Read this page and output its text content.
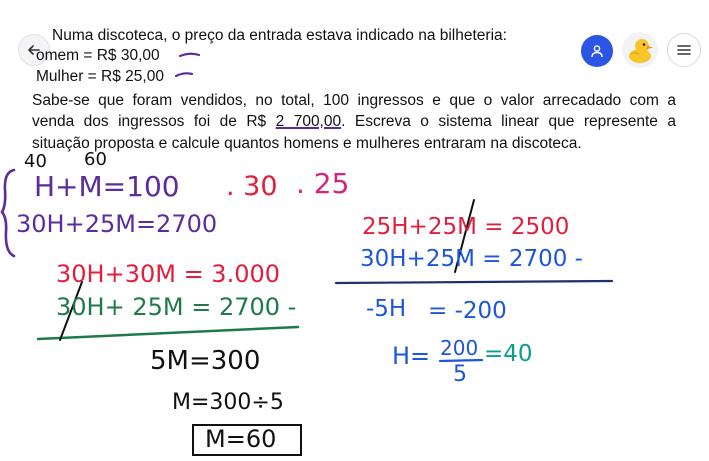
Numa discoteca, o preço da entrada estava indicado na bilheteria:
omem = R$ 30,00
Mulher = R$ 25,00
Sabe-se que foram vendidos, no total, 100 ingressos e que o valor arrecadado com a
venda dos ingressos foi de R$ 2 700,00. Escreva o sistema linear que represente a
situação proposta e calcule quantos homens e mulheres entraram na discoteca.
40 60
H+M=100 . 30 . 25
30H+25M=2700
30H+30M = 3.000
30H+ 25M = 2700 -
5M=300
M=300÷5
M=60
25H+25M = 2500
30H+25M = 2700 -
-5H = -200
H= 200
5
=40
